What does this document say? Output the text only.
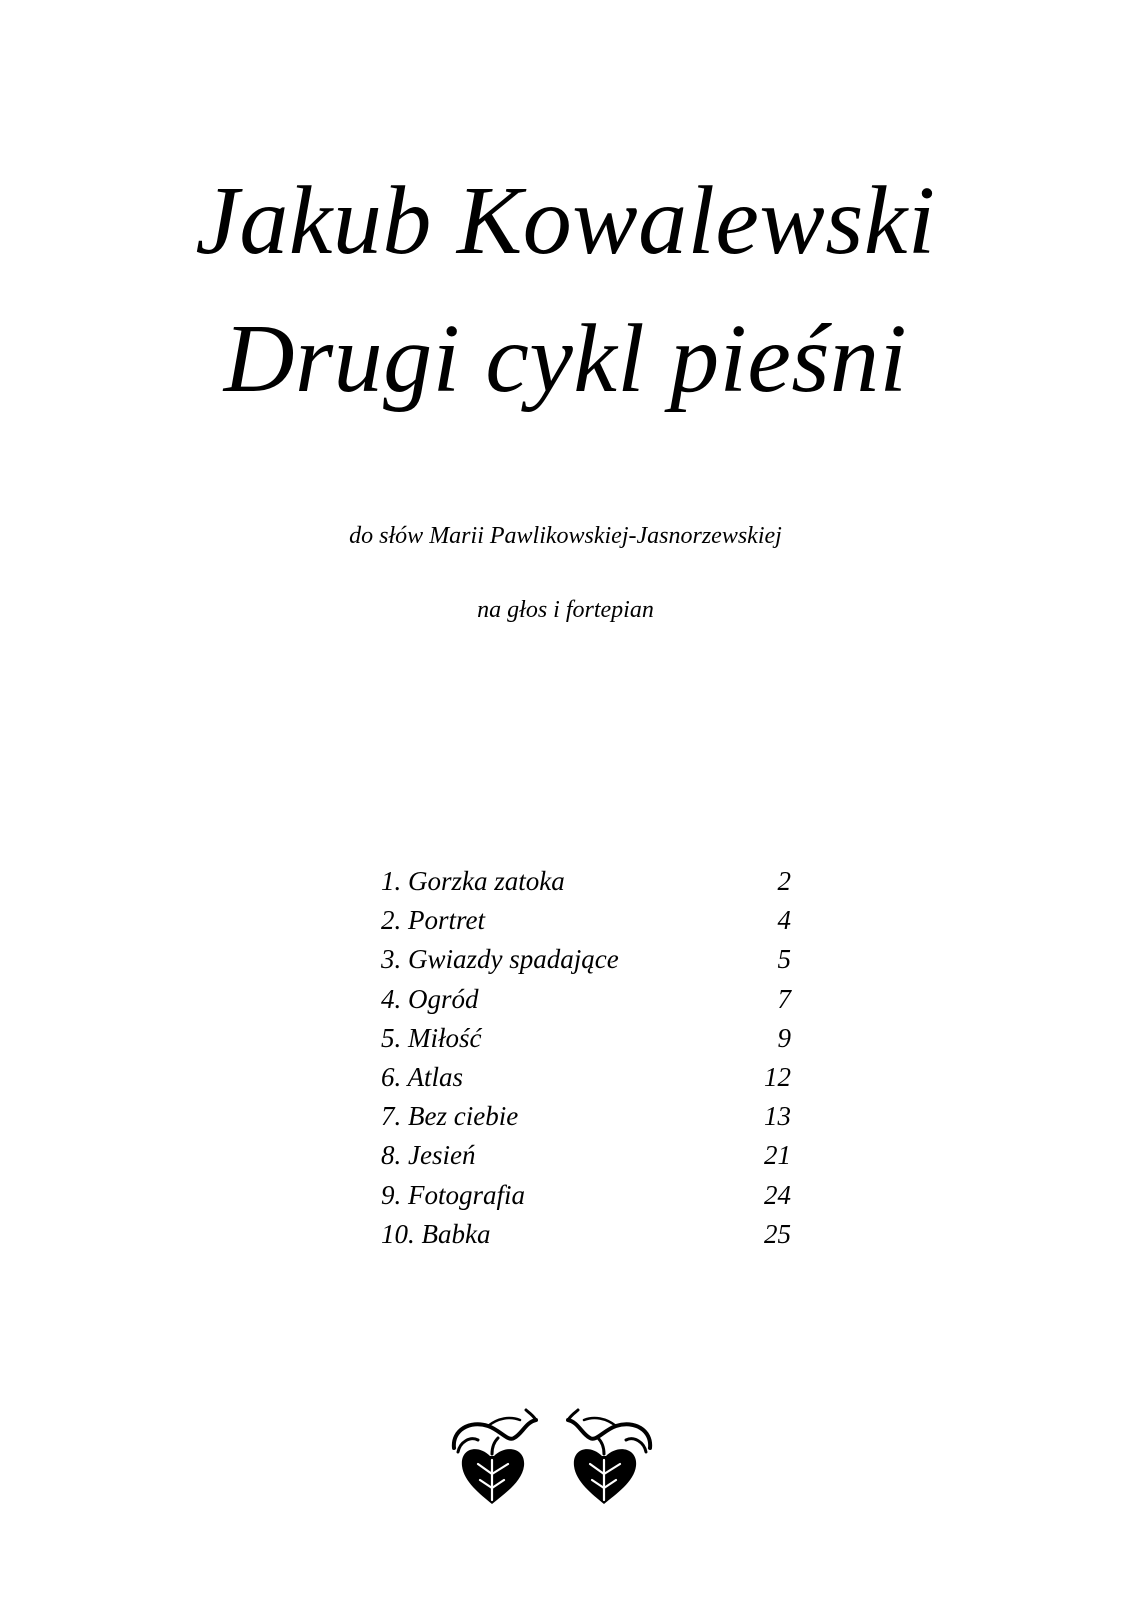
Jakub Kowalewski
Drugi cykl pieśni

do słów Marii Pawlikowskiej-Jasnorzewskiej

na głos i fortepian

1. Gorzka zatoka	2
2. Portret	4
3. Gwiazdy spadające	5
4. Ogród	7
5. Miłość	9
6. Atlas	12
7. Bez ciebie	13
8. Jesień	21
9. Fotografia	24
10. Babka	25
